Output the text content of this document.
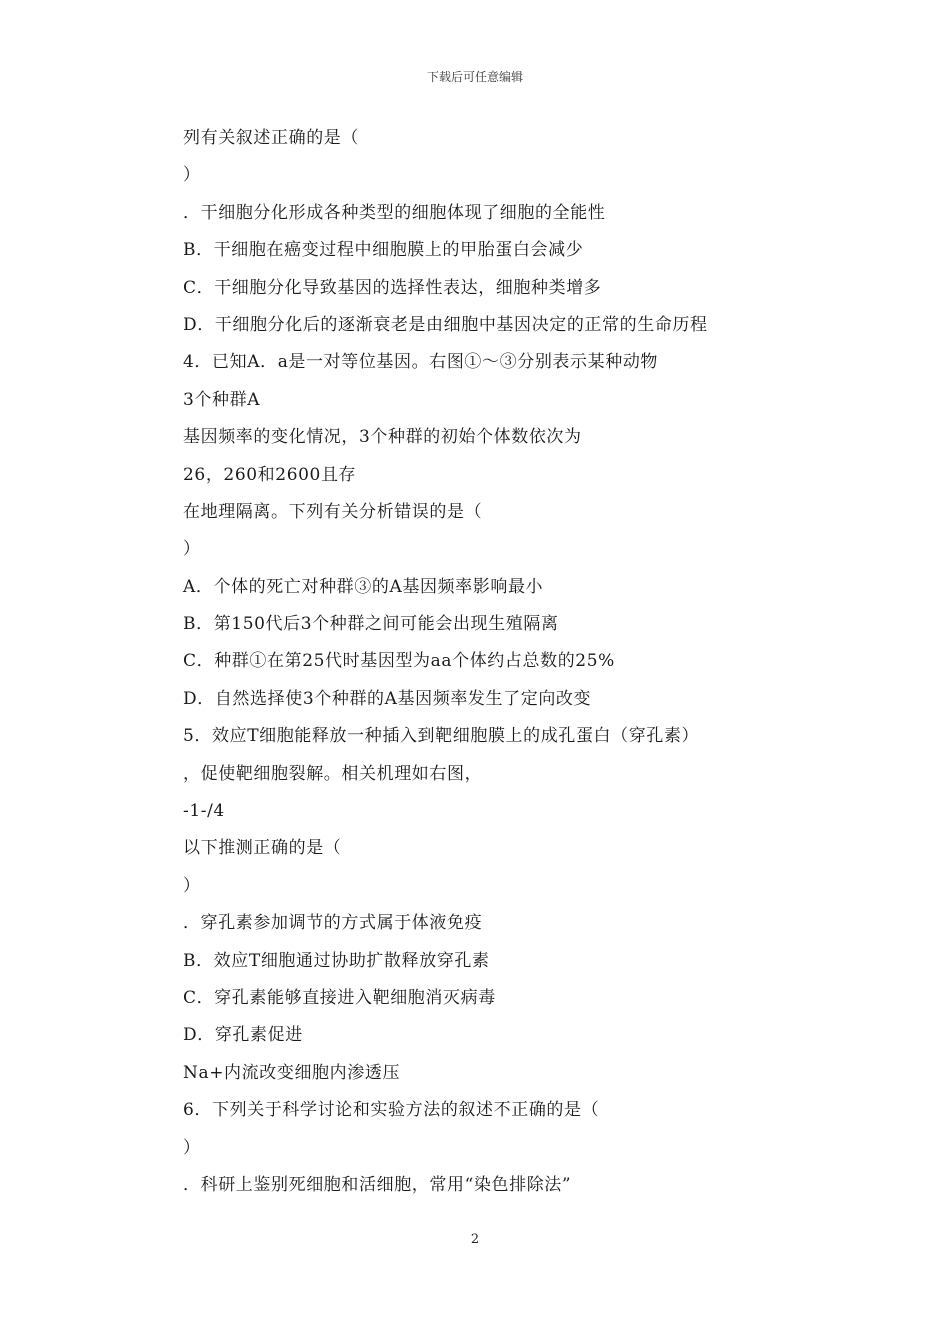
下载后可任意编辑
列有关叙述正确的是（
）
．干细胞分化形成各种类型的细胞体现了细胞的全能性
B．干细胞在癌变过程中细胞膜上的甲胎蛋白会减少
C．干细胞分化导致基因的选择性表达，细胞种类增多
D．干细胞分化后的逐渐衰老是由细胞中基因决定的正常的生命历程
4．已知A．a是一对等位基因。右图①～③分别表示某种动物
3个种群A
基因频率的变化情况，3个种群的初始个体数依次为
26，260和2600且存
在地理隔离。下列有关分析错误的是（
）
A．个体的死亡对种群③的A基因频率影响最小
B．第150代后3个种群之间可能会出现生殖隔离
C．种群①在第25代时基因型为aa个体约占总数的25%
D．自然选择使3个种群的A基因频率发生了定向改变
5．效应T细胞能释放一种插入到靶细胞膜上的成孔蛋白（穿孔素）
，促使靶细胞裂解。相关机理如右图，
-1-/4
以下推测正确的是（
）
．穿孔素参加调节的方式属于体液免疫
B．效应T细胞通过协助扩散释放穿孔素
C．穿孔素能够直接进入靶细胞消灭病毒
D．穿孔素促进
Na+内流改变细胞内渗透压
6．下列关于科学讨论和实验方法的叙述不正确的是（
）
．科研上鉴别死细胞和活细胞，常用“染色排除法”
2
